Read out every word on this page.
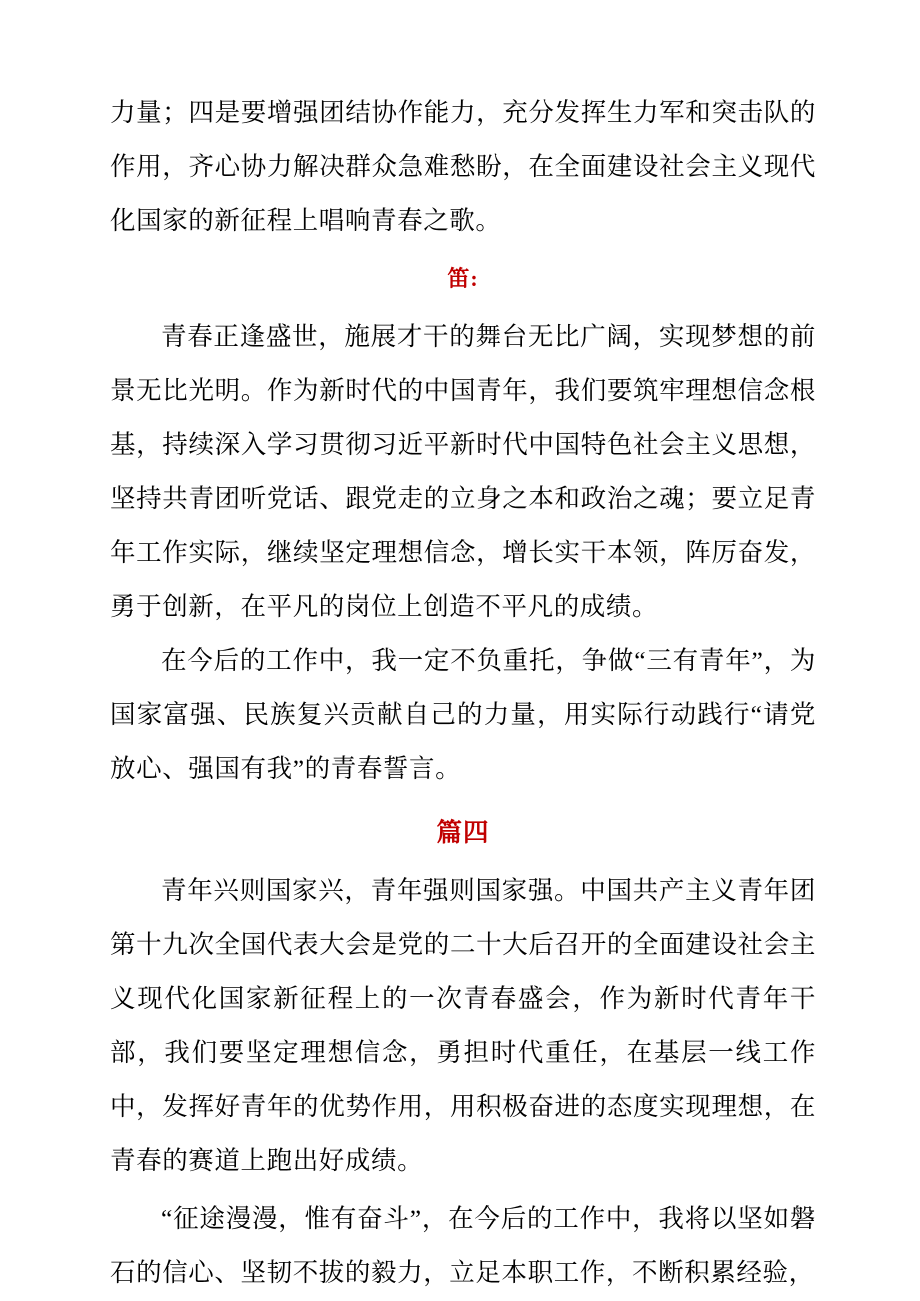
力量；四是要增强团结协作能力，充分发挥生力军和突击队的作用，齐心协力解决群众急难愁盼，在全面建设社会主义现代化国家的新征程上唱响青春之歌。

笛:

青春正逢盛世，施展才干的舞台无比广阔，实现梦想的前景无比光明。作为新时代的中国青年，我们要筑牢理想信念根基，持续深入学习贯彻习近平新时代中国特色社会主义思想，坚持共青团听党话、跟党走的立身之本和政治之魂；要立足青年工作实际，继续坚定理想信念，增长实干本领，阵厉奋发，勇于创新，在平凡的岗位上创造不平凡的成绩。

在今后的工作中，我一定不负重托，争做“三有青年”，为国家富强、民族复兴贡献自己的力量，用实际行动践行“请党放心、强国有我”的青春誓言。

篇四

青年兴则国家兴，青年强则国家强。中国共产主义青年团第十九次全国代表大会是党的二十大后召开的全面建设社会主义现代化国家新征程上的一次青春盛会，作为新时代青年干部，我们要坚定理想信念，勇担时代重任，在基层一线工作中，发挥好青年的优势作用，用积极奋进的态度实现理想，在青春的赛道上跑出好成绩。

“征途漫漫，惟有奋斗”，在今后的工作中，我将以坚如磐石的信心、坚韧不拔的毅力，立足本职工作，不断积累经验，
